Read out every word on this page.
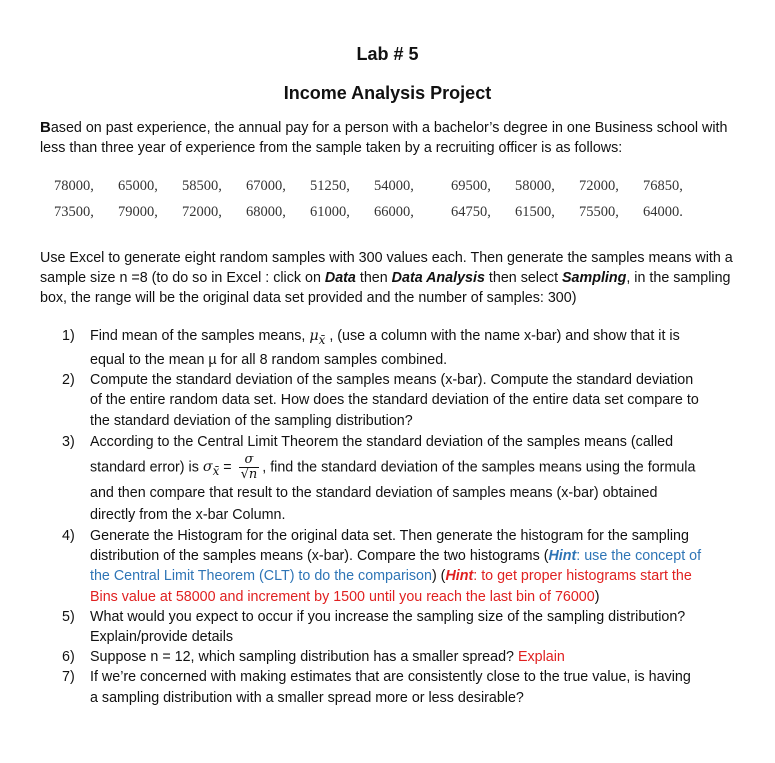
Lab # 5
Income Analysis Project
Based on past experience, the annual pay for a person with a bachelor’s degree in one Business school with less than three year of experience from the sample taken by a recruiting officer is as follows:
78000, 65000, 58500, 67000, 51250, 54000,	69500, 58000, 72000, 76850,
73500, 79000, 72000, 68000, 61000, 66000,	64750, 61500, 75500, 64000.
Use Excel to generate eight random samples with 300 values each. Then generate the samples means with a sample size n =8 (to do so in Excel : click on Data then Data Analysis then select Sampling, in the sampling box, the range will be the original data set provided and the number of samples: 300)
1) Find mean of the samples means, $\mu_{x̄}$ , (use a column with the name x-bar) and show that it is equal to the mean µ for all 8 random samples combined.
2) Compute the standard deviation of the samples means (x-bar). Compute the standard deviation of the entire random data set. How does the standard deviation of the entire data set compare to the standard deviation of the sampling distribution?
3) According to the Central Limit Theorem the standard deviation of the samples means (called standard error) is $\sigma_{x̄} = \frac{\sigma}{√n}$ , find the standard deviation of the samples means using the formula and then compare that result to the standard deviation of samples means (x-bar) obtained directly from the x-bar Column.
4) Generate the Histogram for the original data set. Then generate the histogram for the sampling distribution of the samples means (x-bar). Compare the two histograms (Hint: use the concept of the Central Limit Theorem (CLT) to do the comparison) (Hint: to get proper histograms start the Bins value at 58000 and increment by 1500 until you reach the last bin of 76000)
5) What would you expect to occur if you increase the sampling size of the sampling distribution? Explain/provide details
6) Suppose n = 12, which sampling distribution has a smaller spread? Explain
7) If we’re concerned with making estimates that are consistently close to the true value, is having a sampling distribution with a smaller spread more or less desirable?
